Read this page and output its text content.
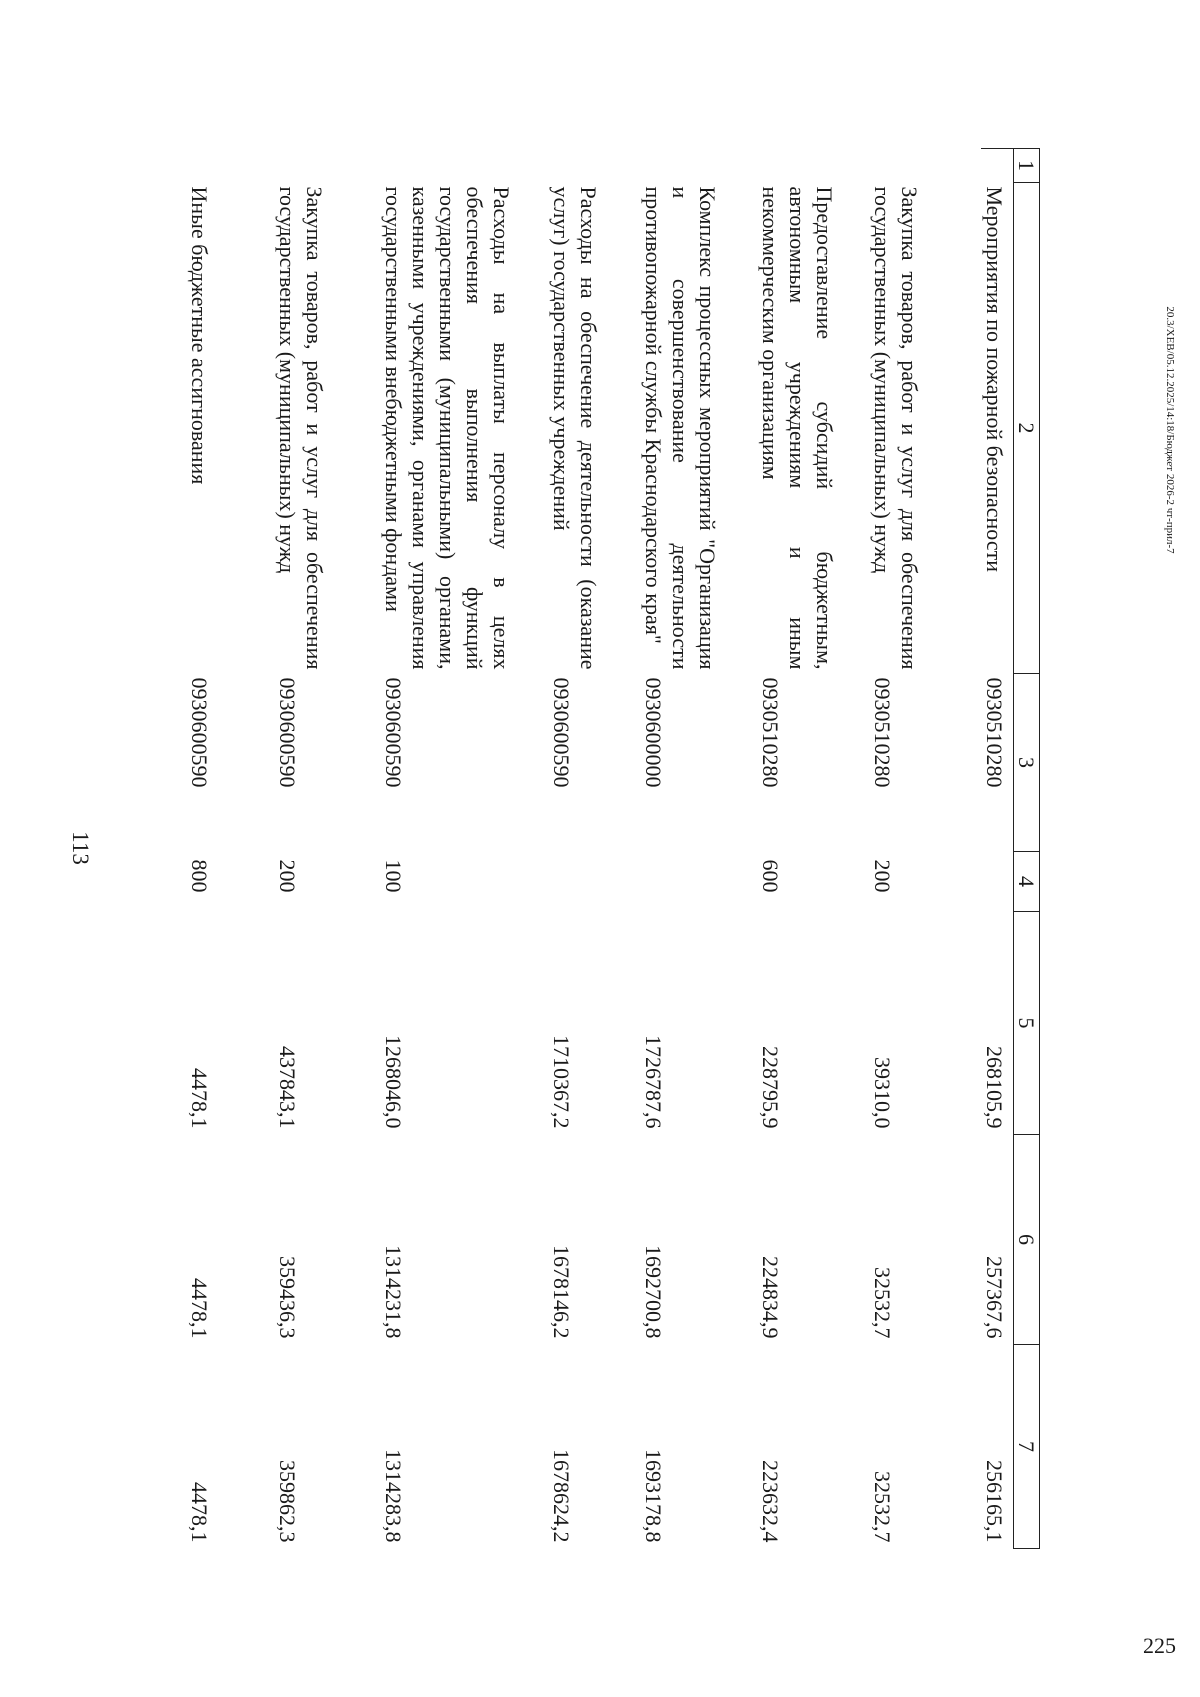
113
225
20.3/XEB/05.12.2025/14:18/Бюджет 2026-2 чт-прил-7
1	2	3	4	5	6	7
	Мероприятия по пожарной безопасности	0930510280		268105,9	257367,6	256165,1
	Закупка товаров, работ и услуг для обеспечения государственных (муниципальных) нужд	0930510280	200	39310,0	32532,7	32532,7
	Предоставление субсидий бюджетным, автономным учреждениям и иным некоммерческим организациям	0930510280	600	228795,9	224834,9	223632,4
	Комплекс процессных мероприятий "Организация и совершенствование деятельности противопожарной службы Краснодарского края"	0930600000		1726787,6	1692700,8	1693178,8
	Расходы на обеспечение деятельности (оказание услуг) государственных учреждений	0930600590		1710367,2	1678146,2	1678624,2
	Расходы на выплаты персоналу в целях обеспечения выполнения функций государственными (муниципальными) органами, казенными учреждениями, органами управления государственными внебюджетными фондами	0930600590	100	1268046,0	1314231,8	1314283,8
	Закупка товаров, работ и услуг для обеспечения государственных (муниципальных) нужд	0930600590	200	437843,1	359436,3	359862,3
	Иные бюджетные ассигнования	0930600590	800	4478,1	4478,1	4478,1
